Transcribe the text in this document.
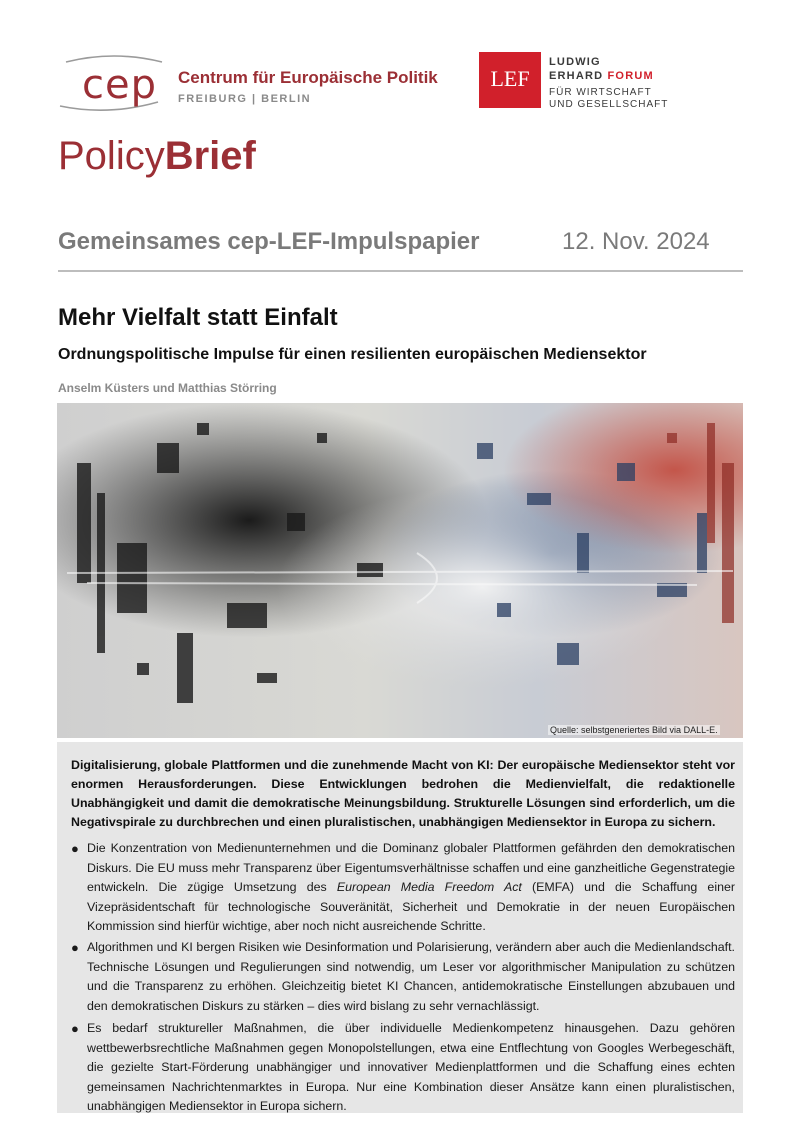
cep Centrum für Europäische Politik
FREIBURG | BERLIN
LEF
LUDWIG
ERHARD FORUM
FÜR WIRTSCHAFT
UND GESELLSCHAFT
PolicyBrief
Gemeinsames cep-LEF-Impulspapier	12. Nov. 2024
Mehr Vielfalt statt Einfalt
Ordnungspolitische Impulse für einen resilienten europäischen Mediensektor
Anselm Küsters und Matthias Störring
Quelle: selbstgeneriertes Bild via DALL-E.
Digitalisierung, globale Plattformen und die zunehmende Macht von KI: Der europäische Mediensektor steht vor enormen Herausforderungen. Diese Entwicklungen bedrohen die Medienvielfalt, die redaktionelle Unabhängigkeit und damit die demokratische Meinungsbildung. Strukturelle Lösungen sind erforderlich, um die Negativspirale zu durchbrechen und einen pluralistischen, unabhängigen Mediensektor in Europa zu sichern.
● Die Konzentration von Medienunternehmen und die Dominanz globaler Plattformen gefährden den demokratischen Diskurs. Die EU muss mehr Transparenz über Eigentumsverhältnisse schaffen und eine ganzheitliche Gegenstrategie entwickeln. Die zügige Umsetzung des European Media Freedom Act (EMFA) und die Schaffung einer Vizepräsidentschaft für technologische Souveränität, Sicherheit und Demokratie in der neuen Europäischen Kommission sind hierfür wichtige, aber noch nicht ausreichende Schritte.
● Algorithmen und KI bergen Risiken wie Desinformation und Polarisierung, verändern aber auch die Medienlandschaft. Technische Lösungen und Regulierungen sind notwendig, um Leser vor algorithmischer Manipulation zu schützen und die Transparenz zu erhöhen. Gleichzeitig bietet KI Chancen, antidemokratische Einstellungen abzubauen und den demokratischen Diskurs zu stärken – dies wird bislang zu sehr vernachlässigt.
● Es bedarf struktureller Maßnahmen, die über individuelle Medienkompetenz hinausgehen. Dazu gehören wettbewerbsrechtliche Maßnahmen gegen Monopolstellungen, etwa eine Entflechtung von Googles Werbegeschäft, die gezielte Start-Förderung unabhängiger und innovativer Medienplattformen und die Schaffung eines echten gemeinsamen Nachrichtenmarktes in Europa. Nur eine Kombination dieser Ansätze kann einen pluralistischen, unabhängigen Mediensektor in Europa sichern.
